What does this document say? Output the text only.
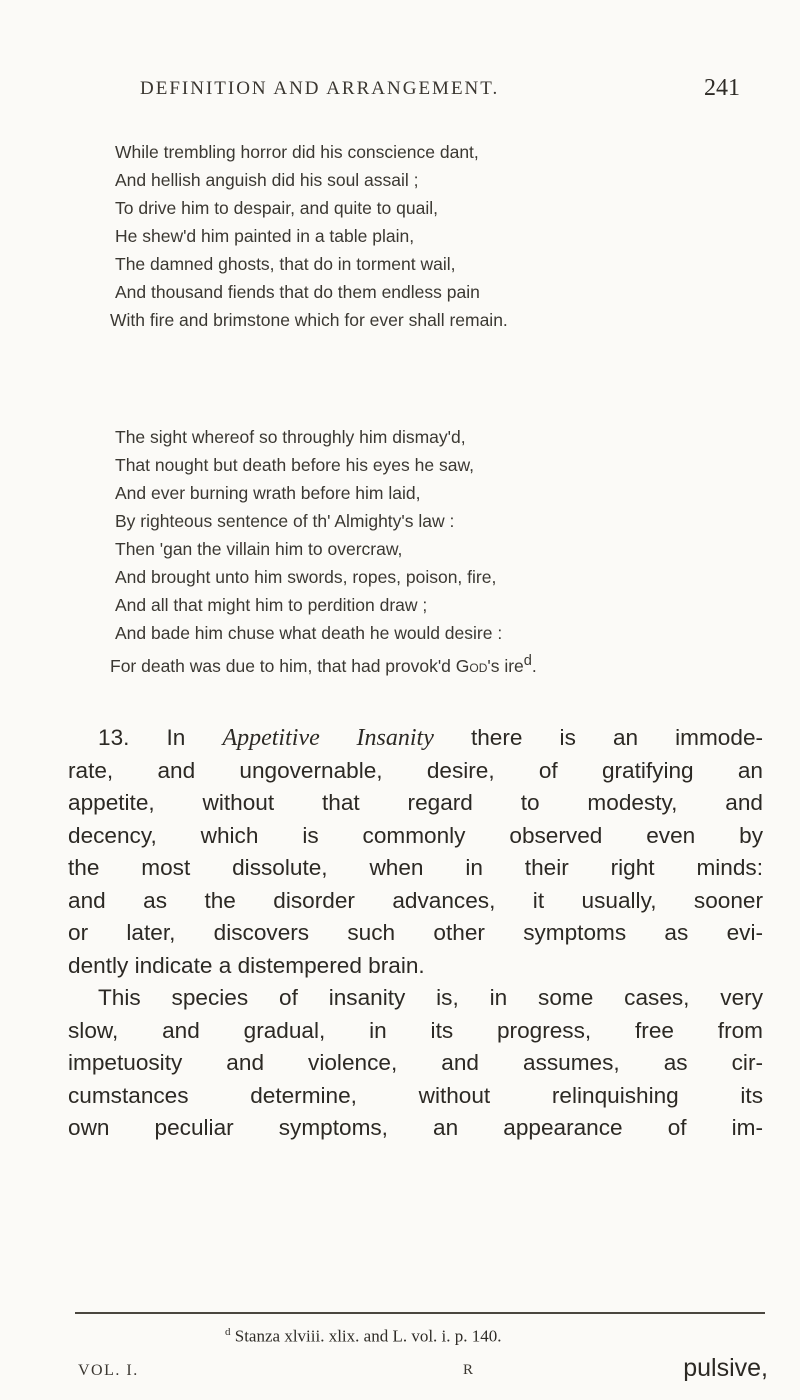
DEFINITION AND ARRANGEMENT.	241
While trembling horror did his conscience dant,
And hellish anguish did his soul assail ;
To drive him to despair, and quite to quail,
He shew'd him painted in a table plain,
The damned ghosts, that do in torment wail,
And thousand fiends that do them endless pain
With fire and brimstone which for ever shall remain.
The sight whereof so throughly him dismay'd,
That nought but death before his eyes he saw,
And ever burning wrath before him laid,
By righteous sentence of th' Almighty's law :
Then 'gan the villain him to overcraw,
And brought unto him swords, ropes, poison, fire,
And all that might him to perdition draw ;
And bade him chuse what death he would desire :
For death was due to him, that had provok'd God's ire$^d$.
13. In Appetitive Insanity there is an immode-
rate, and ungovernable, desire, of gratifying an
appetite, without that regard to modesty, and
decency, which is commonly observed even by
the most dissolute, when in their right minds:
and as the disorder advances, it usually, sooner
or later, discovers such other symptoms as evi-
dently indicate a distempered brain.
This species of insanity is, in some cases, very
slow, and gradual, in its progress, free from
impetuosity and violence, and assumes, as cir-
cumstances determine, without relinquishing its
own peculiar symptoms, an appearance of im-
$^d$ Stanza xlviii. xlix. and L. vol. i. p. 140.
VOL. I.	R	pulsive,
